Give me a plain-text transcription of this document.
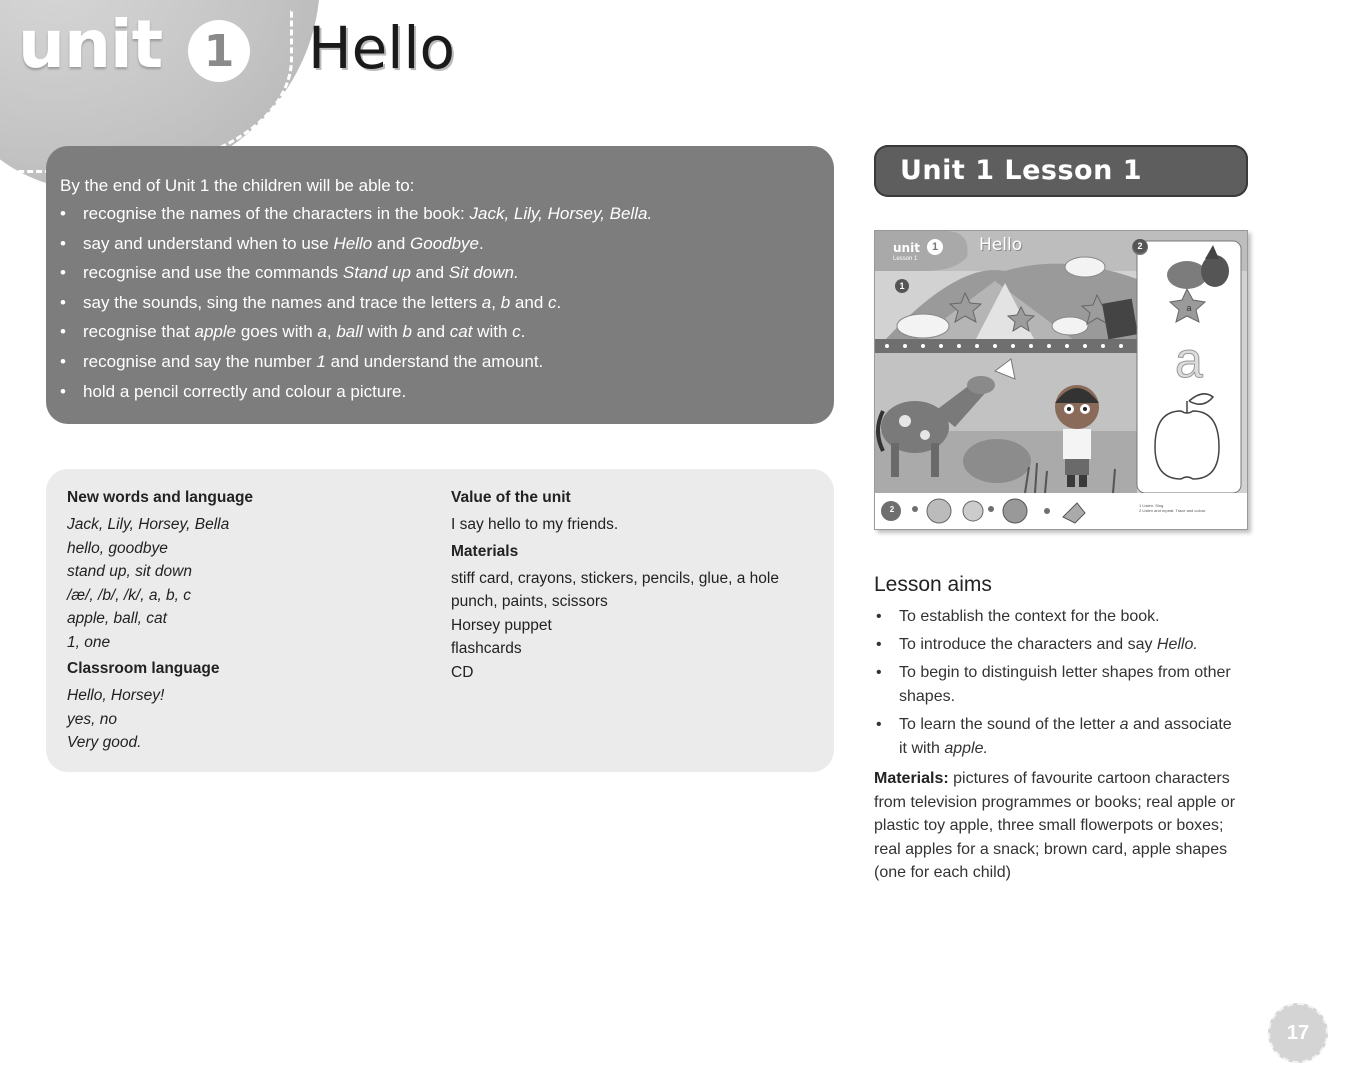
unit 1 Hello

By the end of Unit 1 the children will be able to:

• recognise the names of the characters in the book: Jack, Lily, Horsey, Bella.
• say and understand when to use Hello and Goodbye.
• recognise and use the commands Stand up and Sit down.
• say the sounds, sing the names and trace the letters a, b and c.
• recognise that apple goes with a, ball with b and cat with c.
• recognise and say the number 1 and understand the amount.
• hold a pencil correctly and colour a picture.
New words and language
Jack, Lily, Horsey, Bella
hello, goodbye
stand up, sit down
/æ/, /b/, /k/, a, b, c
apple, ball, cat
1, one
Classroom language
Hello, Horsey!
yes, no
Very good.
Value of the unit
I say hello to my friends.
Materials
stiff card, crayons, stickers, pencils, glue, a hole
punch, paints, scissors
Horsey puppet
flashcards
CD
Unit 1 Lesson 1
a
unit	1
Lesson 1
Hello
1
2
2
a
1 Listen. Sing.
2 Listen and repeat. Trace and colour.
Lesson aims
• To establish the context for the book.
• To introduce the characters and say Hello.
• To begin to distinguish letter shapes from other shapes.
• To learn the sound of the letter a and associate it with apple.
Materials: pictures of favourite cartoon characters from television programmes or books; real apple or plastic toy apple, three small flowerpots or boxes; real apples for a snack; brown card, apple shapes (one for each child)
17
